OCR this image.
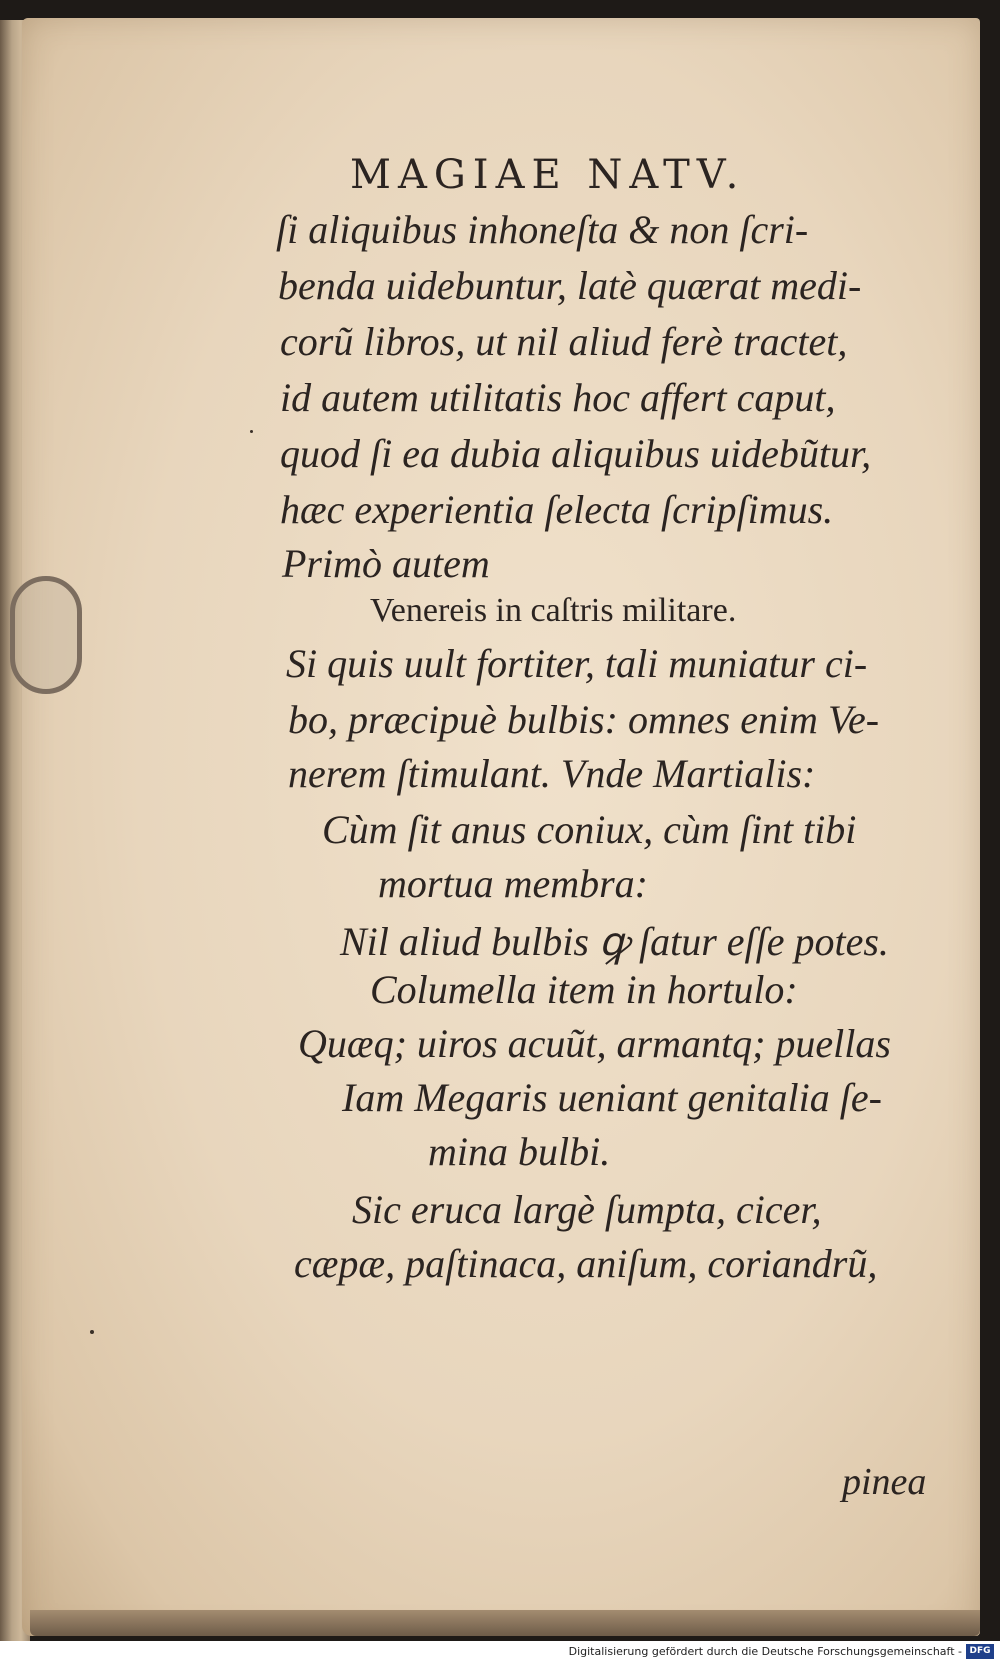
MAGIAE NATV.
ſi aliquibus inhoneſta & non ſcri-
benda uidebuntur, latè quærat medi-
corũ libros, ut nil aliud ferè tractet,
id autem utilitatis hoc affert caput,
quod ſi ea dubia aliquibus uidebũtur,
hæc experientia ſelecta ſcripſimus.
Primò autem
Venereis in caſtris militare.
Si quis uult fortiter, tali muniatur ci-
bo, præcipuè bulbis: omnes enim Ve-
nerem ſtimulant. Vnde Martialis:
Cùm ſit anus coniux, cùm ſint tibi
mortua membra:
Nil aliud bulbis ꝙ ſatur eſſe potes.
Columella item in hortulo:
Quæq; uiros acuũt, armantq; puellas
Iam Megaris ueniant genitalia ſe-
mina bulbi.
Sic eruca largè ſumpta, cicer,
cæpæ, paſtinaca, aniſum, coriandrũ,
pinea
Digitalisierung gefördert durch die Deutsche Forschungsgemeinschaft - DFG
